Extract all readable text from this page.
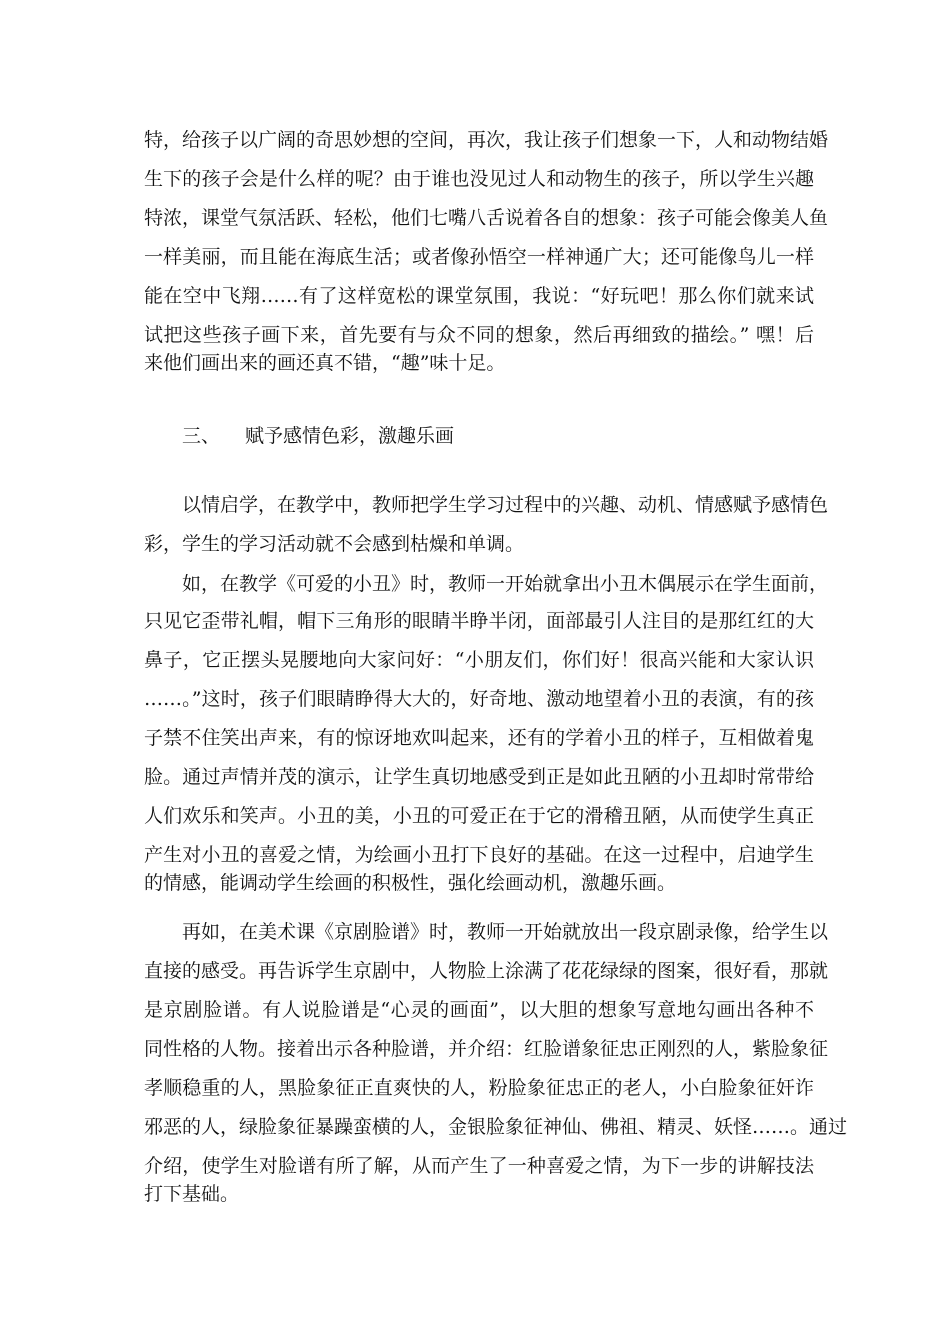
特，给孩子以广阔的奇思妙想的空间，再次，我让孩子们想象一下，人和动物结婚
生下的孩子会是什么样的呢？由于谁也没见过人和动物生的孩子，所以学生兴趣
特浓，课堂气氛活跃、轻松，他们七嘴八舌说着各自的想象：孩子可能会像美人鱼
一样美丽，而且能在海底生活；或者像孙悟空一样神通广大；还可能像鸟儿一样
能在空中飞翔……有了这样宽松的课堂氛围，我说：“好玩吧！那么你们就来试
试把这些孩子画下来，首先要有与众不同的想象，然后再细致的描绘。” 嘿！后
来他们画出来的画还真不错，“趣”味十足。
三、 赋予感情色彩，激趣乐画
以情启学，在教学中，教师把学生学习过程中的兴趣、动机、情感赋予感情色
彩，学生的学习活动就不会感到枯燥和单调。
如，在教学《可爱的小丑》时，教师一开始就拿出小丑木偶展示在学生面前，
只见它歪带礼帽，帽下三角形的眼睛半睁半闭，面部最引人注目的是那红红的大
鼻子，它正摆头晃腰地向大家问好：“小朋友们，你们好！很高兴能和大家认识
……。”这时，孩子们眼睛睁得大大的，好奇地、激动地望着小丑的表演，有的孩
子禁不住笑出声来，有的惊讶地欢叫起来，还有的学着小丑的样子，互相做着鬼
脸。通过声情并茂的演示，让学生真切地感受到正是如此丑陋的小丑却时常带给
人们欢乐和笑声。小丑的美，小丑的可爱正在于它的滑稽丑陋，从而使学生真正
产生对小丑的喜爱之情，为绘画小丑打下良好的基础。在这一过程中，启迪学生
的情感，能调动学生绘画的积极性，强化绘画动机，激趣乐画。
再如，在美术课《京剧脸谱》时，教师一开始就放出一段京剧录像，给学生以
直接的感受。再告诉学生京剧中，人物脸上涂满了花花绿绿的图案，很好看，那就
是京剧脸谱。有人说脸谱是“心灵的画面”，以大胆的想象写意地勾画出各种不
同性格的人物。接着出示各种脸谱，并介绍：红脸谱象征忠正刚烈的人，紫脸象征
孝顺稳重的人，黑脸象征正直爽快的人，粉脸象征忠正的老人，小白脸象征奸诈
邪恶的人，绿脸象征暴躁蛮横的人，金银脸象征神仙、佛祖、精灵、妖怪……。通过
介绍，使学生对脸谱有所了解，从而产生了一种喜爱之情，为下一步的讲解技法
打下基础。
